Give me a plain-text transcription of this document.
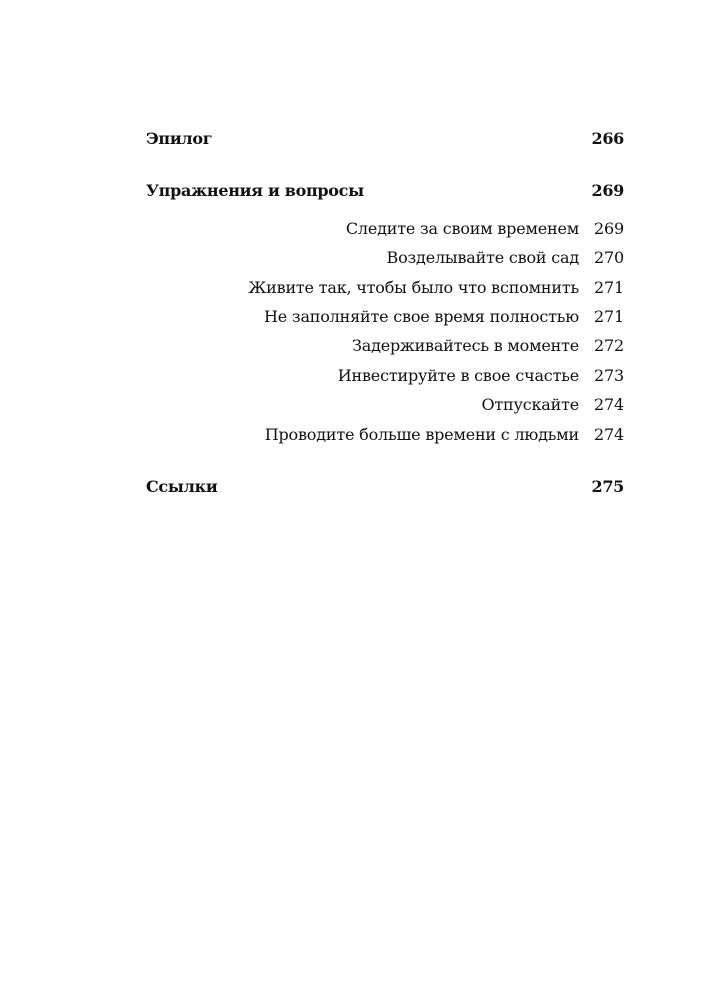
Эпилог	266
Упражнения и вопросы	269
Следите за своим временем 269
Возделывайте свой сад 270
Живите так, чтобы было что вспомнить 271
Не заполняйте свое время полностью 271
Задерживайтесь в моменте 272
Инвестируйте в свое счастье 273
Отпускайте 274
Проводите больше времени с людьми 274
Ссылки	275
